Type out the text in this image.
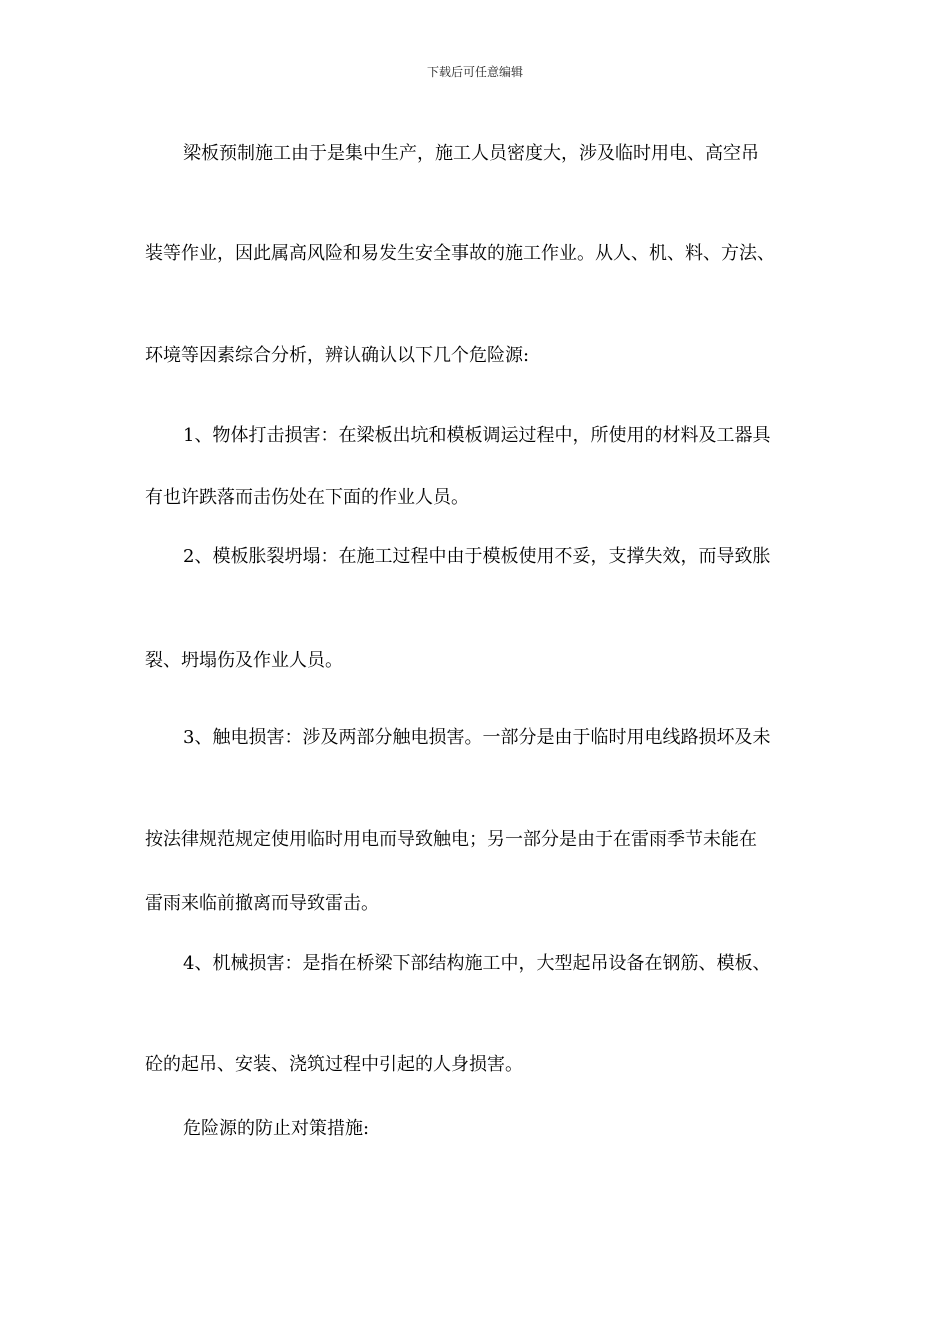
下载后可任意编辑
梁板预制施工由于是集中生产，施工人员密度大，涉及临时用电、高空吊
装等作业，因此属高风险和易发生安全事故的施工作业。从人、机、料、方法、
环境等因素综合分析，辨认确认以下几个危险源:
1、物体打击损害：在梁板出坑和模板调运过程中，所使用的材料及工器具
有也许跌落而击伤处在下面的作业人员。
2、模板胀裂坍塌：在施工过程中由于模板使用不妥，支撑失效，而导致胀
裂、坍塌伤及作业人员。
3、触电损害：涉及两部分触电损害。一部分是由于临时用电线路损坏及未
按法律规范规定使用临时用电而导致触电；另一部分是由于在雷雨季节未能在
雷雨来临前撤离而导致雷击。
4、机械损害：是指在桥梁下部结构施工中，大型起吊设备在钢筋、模板、
砼的起吊、安装、浇筑过程中引起的人身损害。
危险源的防止对策措施:
